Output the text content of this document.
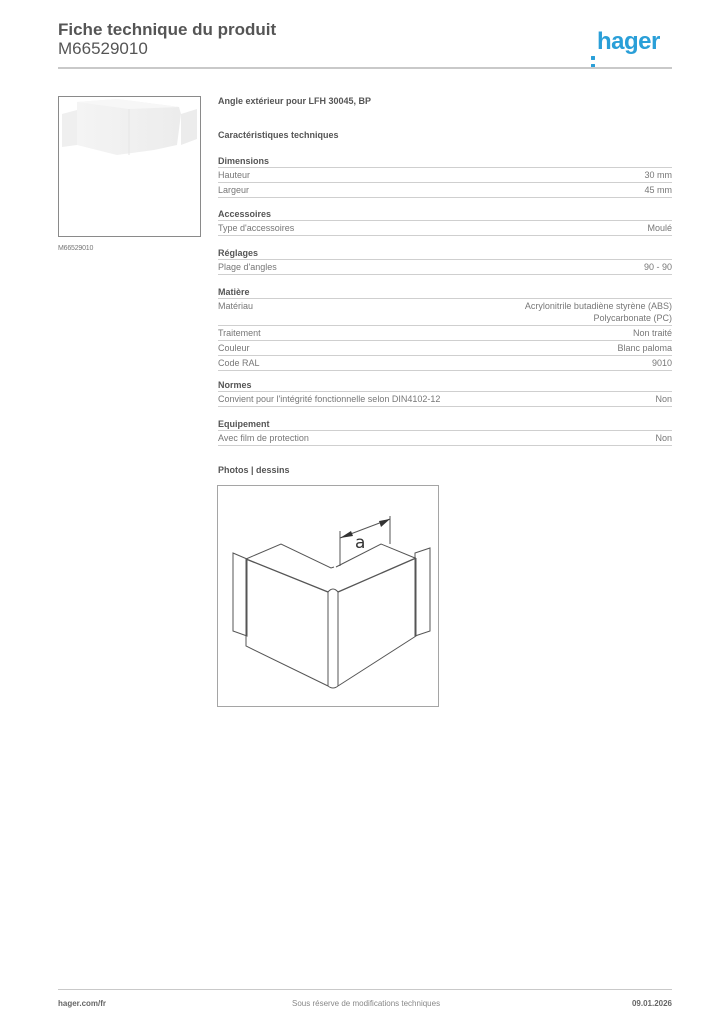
Fiche technique du produit
M66529010	hager
M66529010
Angle extérieur pour LFH 30045, BP
Caractéristiques techniques
Dimensions
Hauteur	30 mm
Largeur	45 mm
Accessoires
Type d'accessoires	Moulé
Réglages
Plage d'angles	90 - 90
Matière
Matériau	Acrylonitrile butadiène styrène (ABS)
Polycarbonate (PC)
Traitement	Non traité
Couleur	Blanc paloma
Code RAL	9010
Normes
Convient pour l'intégrité fonctionnelle selon DIN4102-12	Non
Equipement
Avec film de protection	Non
Photos | dessins
a
hager.com/fr	Sous réserve de modifications techniques	09.01.2026
